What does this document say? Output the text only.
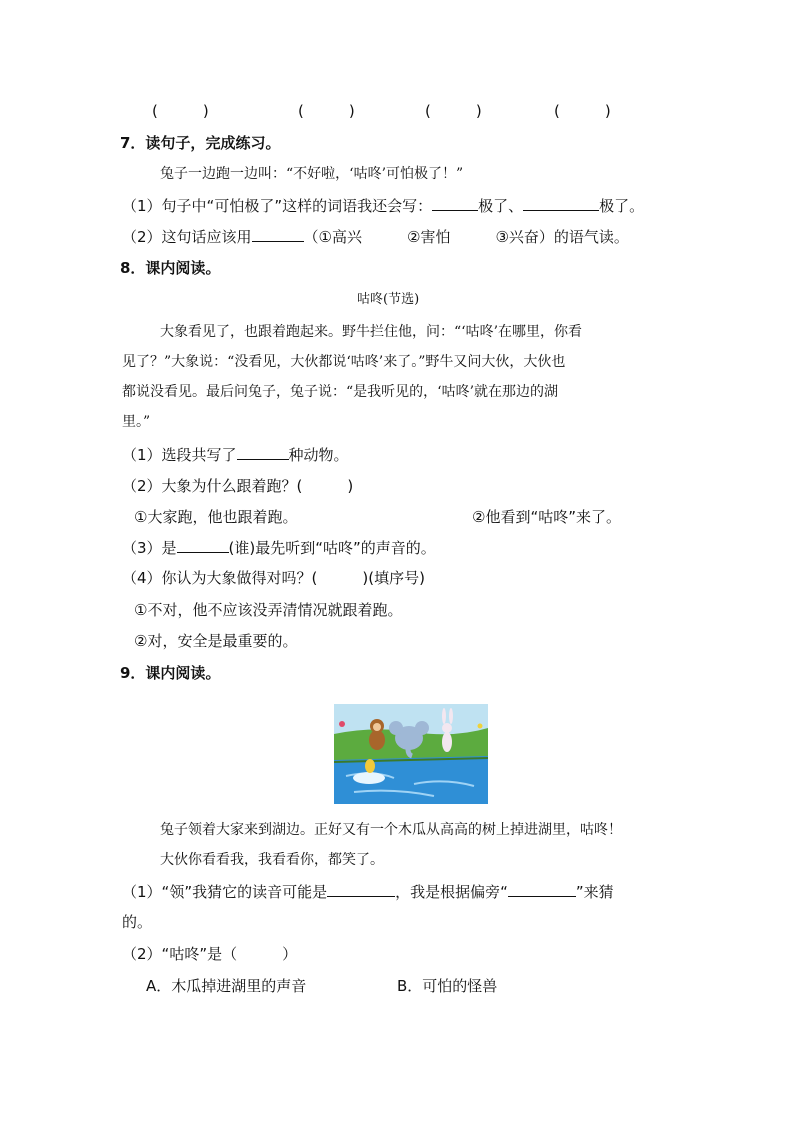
(　　　)	(　　　)	(　　　)	(　　　)
7．读句子，完成练习。
兔子一边跑一边叫：“不好啦，‘咕咚’可怕极了！”
（1）句子中“可怕极了”这样的词语我还会写：	极了、	极了。
（2）这句话应该用	（①高兴　　　②害怕　　　③兴奋）的语气读。
8．课内阅读。
咕咚(节选)
大象看见了，也跟着跑起来。野牛拦住他，问：“‘咕咚’在哪里，你看
见了？”大象说：“没看见，大伙都说‘咕咚’来了。”野牛又问大伙，大伙也
都说没看见。最后问兔子，兔子说：“是我听见的，‘咕咚’就在那边的湖
里。”
（1）选段共写了	种动物。
（2）大象为什么跟着跑？(　　　)
①大家跑，他也跟着跑。	②他看到“咕咚”来了。
（3）是	(谁)最先听到“咕咚”的声音的。
（4）你认为大象做得对吗？(　　　)(填序号)
①不对，他不应该没弄清情况就跟着跑。
②对，安全是最重要的。
9．课内阅读。
兔子领着大家来到湖边。正好又有一个木瓜从高高的树上掉进湖里，咕咚！
大伙你看看我，我看看你，都笑了。
（1）“领”我猜它的读音可能是	，我是根据偏旁“	”来猜
的。
（2）“咕咚”是（　　　）
A．木瓜掉进湖里的声音	B．可怕的怪兽
